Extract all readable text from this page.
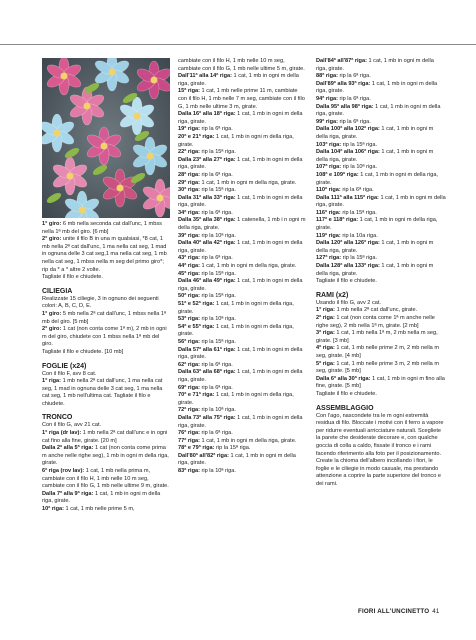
1° giro: 6 mb nella seconda cat dall'unc, 1 mbss nella 1ª mb del giro. [6 mb]

2° giro: unite il filo B in una m qualsiasi, *8 cat, 1 mb nella 2ª cat dall'unc, 1 ma nella cat seg, 1 mad in ognuna delle 3 cat seg,1 ma nella cat seg, 1 mb nella cat seg, 1 mbss nella m seg del primo giro*; rip da * a * altre 2 volte.

Tagliate il filo e chiudete.

CILIEGIA

Realizzate 15 ciliegie, 3 in ognuno dei seguenti colori: A, B, C, D, E.

1° giro: 5 mb nella 2ª cat dall'unc, 1 mbss nella 1ª mb del giro. [5 mb]

2° giro: 1 cat (non conta come 1ª m), 2 mb in ogni m del giro, chiudete con 1 mbss nella 1ª mb del giro.

Tagliate il filo e chiudete. [10 mb]

FOGLIE (x24)

Con il filo F, avv 8 cat.

1° riga: 1 mb nella 2ª cat dall'unc, 1 ma nella cat seg, 1 mad in ognuna delle 3 cat seg, 1 ma nella cat seg, 1 mb nell'ultima cat. Tagliate il filo e chiudete.

TRONCO

Con il filo G, avv 21 cat.

1° riga (dr lav): 1 mb nella 2ª cat dall'unc e in ogni cat fino alla fine, girate. [20 m]

Dalla 2ª alla 5ª riga: 1 cat (non conta come prima m anche nelle righe seg), 1 mb in ogni m della riga, girate.

6ª riga (rov lav): 1 cat, 1 mb nella prima m, cambiate con il filo H, 1 mb nelle 10 m seg, cambiate con il filo G, 1 mb nelle ultime 9 m, girate.

Dalla 7ª alla 9ª riga: 1 cat, 1 mb in ogni m della riga, girate.

10ª riga: 1 cat, 1 mb nelle prime 5 m,

cambiate con il filo H, 1 mb nelle 10 m seg, cambiate con il filo G, 1 mb nelle ultime 5 m, girate.

Dall'11ª alla 14ª riga: 1 cat, 1 mb in ogni m della riga, girate.

15ª riga: 1 cat, 1 mb nelle prime 11 m, cambiate con il filo H, 1 mb nelle 7 m seg, cambiate con il filo G, 1 mb nelle ultime 3 m, girate.

Dalla 16ª alla 18ª riga: 1 cat, 1 mb in ogni m della riga, girate.

19ª riga: rip la 6ª riga.

20ª e 21ª riga: 1 cat, 1 mb in ogni m della riga, girate.

22ª riga: rip la 15ª riga.

Dalla 23ª alla 27ª riga: 1 cat, 1 mb in ogni m della riga, girate.

28ª riga: rip la 6ª riga.

29ª riga: 1 cat, 1 mb in ogni m della riga, girate.

30ª riga: rip la 15ª riga.

Dalla 31ª alla 33ª riga: 1 cat, 1 mb in ogni m della riga, girate.

34ª riga: rip la 6ª riga.

Dalla 35ª alla 38ª riga: 1 catenella, 1 mb i n ogni m della riga, girate.

39ª riga: rip la 10ª riga.

Dalla 40ª alla 42ª riga: 1 cat, 1 mb in ogni m della riga, girate.

43ª riga: rip la 6ª riga.

44ª riga: 1 cat, 1 mb in ogni m della riga, girate.

45ª riga: rip la 15ª riga.

Dalla 46ª alla 49ª riga: 1 cat, 1 mb in ogni m della riga, girate.

50ª riga: rip la 15ª riga.

51ª e 52ª riga: 1 cat, 1 mb in ogni m della riga, girate.

53ª riga: rip la 10ª riga.

54ª e 55ª riga: 1 cat, 1 mb in ogni m della riga, girate.

56ª riga: rip la 15ª riga.

Dalla 57ª alla 61ª riga: 1 cat, 1 mb in ogni m della riga, girate.

62ª riga: rip la 6ª riga.

Dalla 63ª alla 68ª riga: 1 cat, 1 mb in ogni m della riga, girate.

69ª riga: rip la 6ª riga.

70ª e 71ª riga: 1 cat, 1 mb in ogni m della riga, girate.

72ª riga: rip la 10ª riga.

Dalla 73ª alla 75ª riga: 1 cat, 1 mb in ogni m della riga, girate.

76ª riga: rip la 6ª riga.

77ª riga: 1 cat, 1 mb in ogni m della riga, girate.

78ª e 79ª riga: rip la 15ª riga.

Dall'80ª all'82ª riga: 1 cat, 1 mb in ogni m della riga, girate.

83ª riga: rip la 10ª riga.

Dall'84ª all'87ª riga: 1 cat, 1 mb in ogni m della riga, girate.

88ª riga: rip la 6ª riga.

Dall'89ª alla 93ª riga: 1 cat, 1 mb in ogni m della riga, girate.

94ª riga: rip la 6ª riga.

Dalla 95ª alla 98ª riga: 1 cat, 1 mb in ogni m della riga, girate.

99ª riga: rip la 6ª riga.

Dalla 100ª alla 102ª riga: 1 cat, 1 mb in ogni m della riga, girate.

103ª riga: rip la 15ª riga.

Dalla 104ª alla 106ª riga: 1 cat, 1 mb in ogni m della riga, girate.

107ª riga: rip la 10ª riga.

108ª e 109ª riga: 1 cat, 1 mb in ogni m della riga, girate.

110ª riga: rip la 6ª riga.

Dalla 111ª alla 115ª riga: 1 cat, 1 mb in ogni m della riga, girate.

116ª riga: rip la 15ª riga.

117ª e 118ª riga: 1 cat, 1 mb in ogni m della riga, girate.

119ª riga: rip la 10a riga.

Dalla 120ª alla 126ª riga: 1 cat, 1 mb in ogni m della riga, girate.

127ª riga: rip la 15ª riga.

Dalla 128ª alla 133ª riga: 1 cat, 1 mb in ogni m della riga, girate.

Tagliate il filo e chiudete.

RAMI (x2)

Usando il filo G, avv 2 cat.

1° riga: 1 mb nella 2ª cat dall'unc, girate.

2ª riga: 1 cat (non conta come 1ª m anche nelle righe seg), 2 mb nella 1ª m, girate. [2 mb]

3ª riga: 1 cat, 1 mb nella 1ª m, 2 mb nella m seg, girate. [3 mb]

4ª riga: 1 cat, 1 mb nelle prime 2 m, 2 mb nella m seg, girate. [4 mb]

5ª riga: 1 cat, 1 mb nelle prime 3 m, 2 mb nella m seg, girate. [5 mb]

Dalla 6ª alla 30ª riga: 1 cat, 1 mb in ogni m fino alla fine, girate. [5 mb]

Tagliate il filo e chiudete.

ASSEMBLAGGIO

Con l'ago, nascondete tra le m ogni estremità residua di filo. Bloccate i motivi con il ferro a vapore per ridurre eventuali arricciature naturali. Scegliete la parete che desiderate decorare e, con qualche goccia di colla a caldo, fissate il tronco e i rami facendo riferimento alla foto per il posizionamento. Create la chioma dell'albero incollando i fiori, le foglie e le ciliegie in modo casuale, ma prestando attenzione a coprire la parte superiore del tronco e dei rami.

FIORI ALL'UNCINETTO 41
